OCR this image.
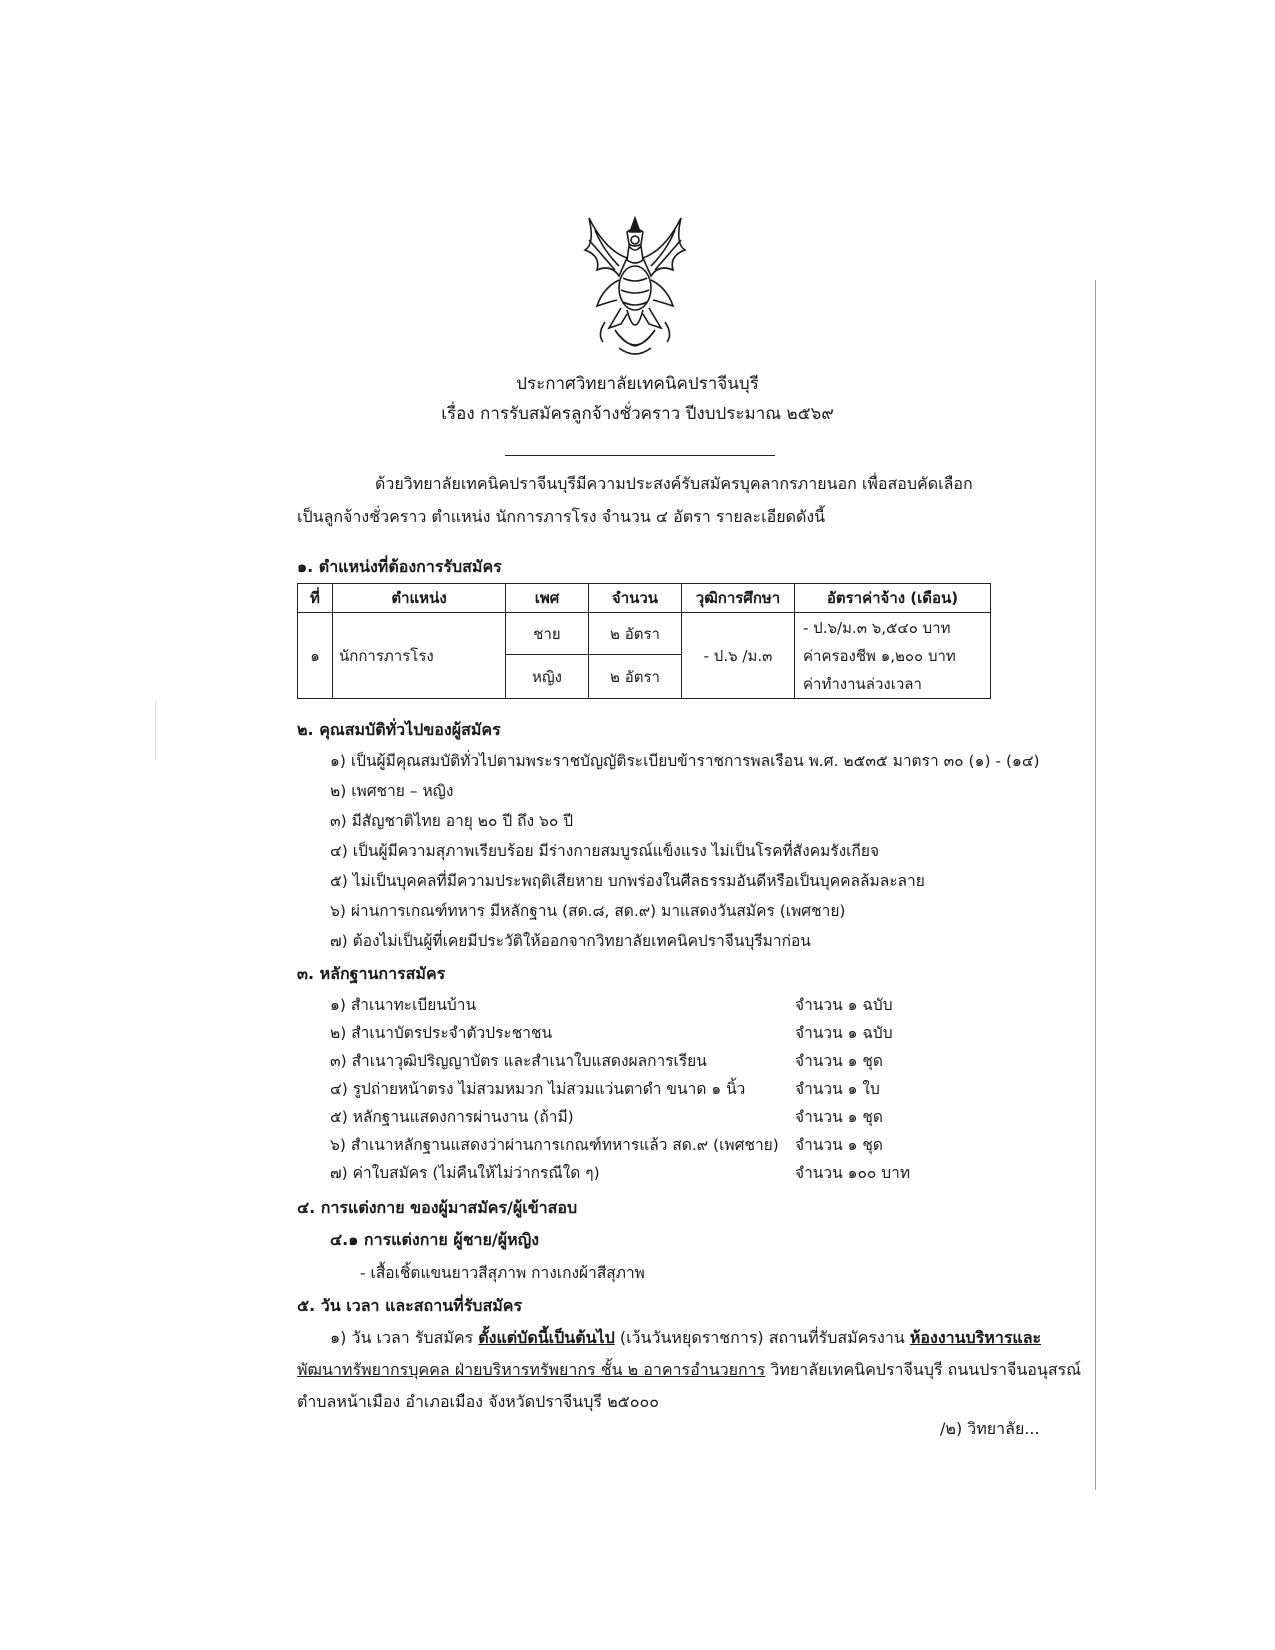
ประกาศวิทยาลัยเทคนิคปราจีนบุรี
เรื่อง การรับสมัครลูกจ้างชั่วคราว ปีงบประมาณ ๒๕๖๙
ด้วยวิทยาลัยเทคนิคปราจีนบุรีมีความประสงค์รับสมัครบุคลากรภายนอก เพื่อสอบคัดเลือก
เป็นลูกจ้างชั่วคราว ตำแหน่ง นักการภารโรง จำนวน ๔ อัตรา รายละเอียดดังนี้
๑. ตำแหน่งที่ต้องการรับสมัคร
ที่	ตำแหน่ง	เพศ	จำนวน	วุฒิการศึกษา	อัตราค่าจ้าง (เดือน)
๑	นักการภารโรง	ชาย	๒ อัตรา	- ป.๖ /ม.๓	- ป.๖/ม.๓ ๖,๕๔๐ บาท
ค่าครองชีพ ๑,๒๐๐ บาท
ค่าทำงานล่วงเวลา

		หญิง	๒ อัตรา		
๒. คุณสมบัติทั่วไปของผู้สมัคร
๑) เป็นผู้มีคุณสมบัติทั่วไปตามพระราชบัญญัติระเบียบข้าราชการพลเรือน พ.ศ. ๒๕๓๕ มาตรา ๓๐ (๑) - (๑๔)
๒) เพศชาย – หญิง
๓) มีสัญชาติไทย อายุ ๒๐ ปี ถึง ๖๐ ปี
๔) เป็นผู้มีความสุภาพเรียบร้อย มีร่างกายสมบูรณ์แข็งแรง ไม่เป็นโรคที่สังคมรังเกียจ
๕) ไม่เป็นบุคคลที่มีความประพฤติเสียหาย บกพร่องในศีลธรรมอันดีหรือเป็นบุคคลล้มละลาย
๖) ผ่านการเกณฑ์ทหาร มีหลักฐาน (สด.๘, สด.๙) มาแสดงวันสมัคร (เพศชาย)
๗) ต้องไม่เป็นผู้ที่เคยมีประวัติให้ออกจากวิทยาลัยเทคนิคปราจีนบุรีมาก่อน
๓. หลักฐานการสมัคร
๑) สำเนาทะเบียนบ้าน	จำนวน ๑ ฉบับ
๒) สำเนาบัตรประจำตัวประชาชน	จำนวน ๑ ฉบับ
๓) สำเนาวุฒิปริญญาบัตร และสำเนาใบแสดงผลการเรียน	จำนวน ๑ ชุด
๔) รูปถ่ายหน้าตรง ไม่สวมหมวก ไม่สวมแว่นตาดำ ขนาด ๑ นิ้ว	จำนวน ๑ ใบ
๕) หลักฐานแสดงการผ่านงาน (ถ้ามี)	จำนวน ๑ ชุด
๖) สำเนาหลักฐานแสดงว่าผ่านการเกณฑ์ทหารแล้ว สด.๙ (เพศชาย) จำนวน ๑ ชุด
๗) ค่าใบสมัคร (ไม่คืนให้ไม่ว่ากรณีใด ๆ)	จำนวน ๑๐๐ บาท
๔. การแต่งกาย ของผู้มาสมัคร/ผู้เข้าสอบ
๔.๑ การแต่งกาย ผู้ชาย/ผู้หญิง
- เสื้อเชิ้ตแขนยาวสีสุภาพ กางเกงผ้าสีสุภาพ
๕. วัน เวลา และสถานที่รับสมัคร
๑) วัน เวลา รับสมัคร ตั้งแต่บัดนี้เป็นต้นไป (เว้นวันหยุดราชการ) สถานที่รับสมัครงาน ห้องงานบริหารและ
พัฒนาทรัพยากรบุคคล ฝ่ายบริหารทรัพยากร ชั้น ๒ อาคารอำนวยการ วิทยาลัยเทคนิคปราจีนบุรี ถนนปราจีนอนุสรณ์
ตำบลหน้าเมือง อำเภอเมือง จังหวัดปราจีนบุรี ๒๕๐๐๐
/๒) วิทยาลัย...
